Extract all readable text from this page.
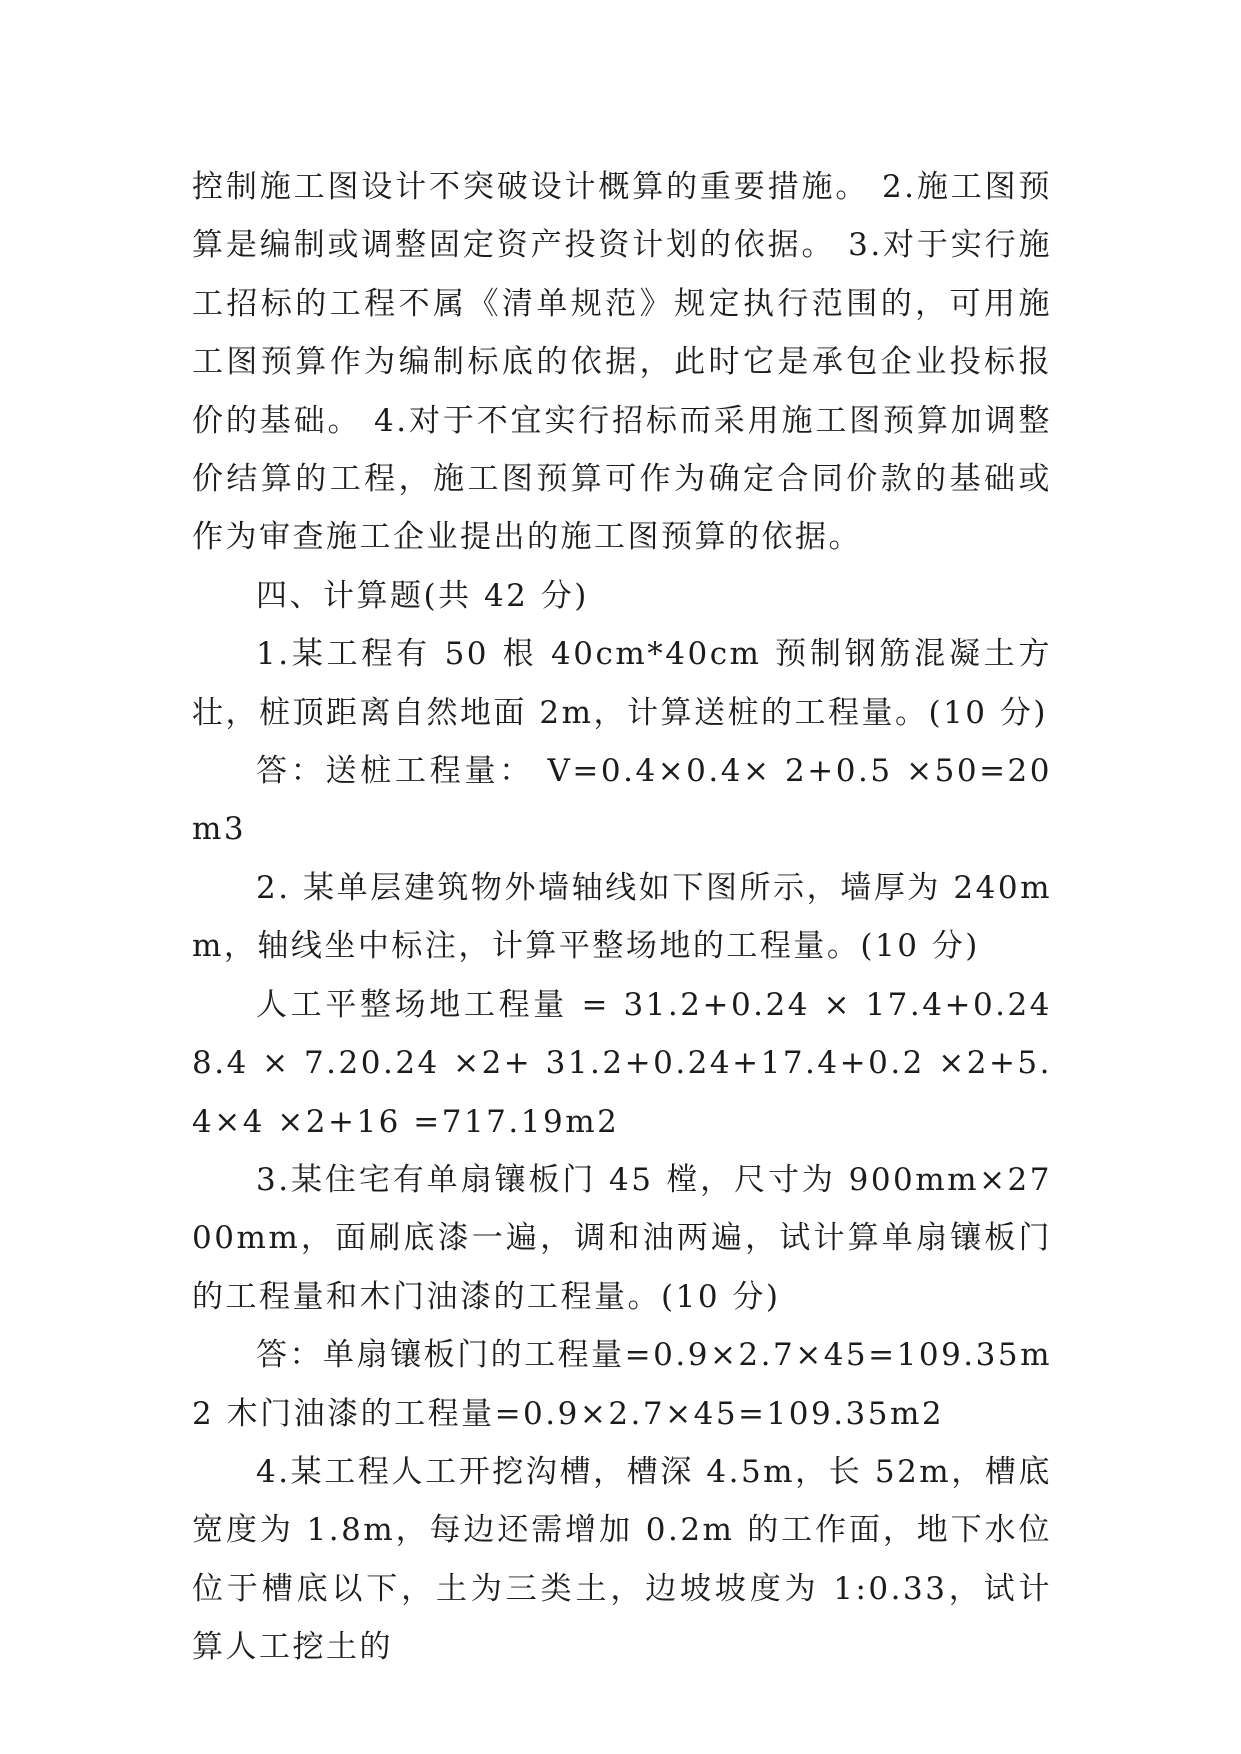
控制施工图设计不突破设计概算的重要措施。 2.施工图预算是编制或调整固定资产投资计划的依据。 3.对于实行施工招标的工程不属《清单规范》规定执行范围的，可用施工图预算作为编制标底的依据，此时它是承包企业投标报价的基础。 4.对于不宜实行招标而采用施工图预算加调整价结算的工程，施工图预算可作为确定合同价款的基础或作为审查施工企业提出的施工图预算的依据。

四、计算题(共 42 分)

1.某工程有 50 根 40cm*40cm 预制钢筋混凝土方壮，桩顶距离自然地面 2m，计算送桩的工程量。(10 分)

答：送桩工程量： V=0.4×0.4× 2+0.5 ×50=20m3

2. 某单层建筑物外墙轴线如下图所示，墙厚为 240mm，轴线坐中标注，计算平整场地的工程量。(10 分)

人工平整场地工程量 = 31.2+0.24 × 17.4+0.24 8.4 × 7.20.24 ×2+ 31.2+0.24+17.4+0.2 ×2+5.4×4 ×2+16 =717.19m2

3.某住宅有单扇镶板门 45 樘，尺寸为 900mm×2700mm，面刷底漆一遍，调和油两遍，试计算单扇镶板门的工程量和木门油漆的工程量。(10 分)

答：单扇镶板门的工程量=0.9×2.7×45=109.35m2 木门油漆的工程量=0.9×2.7×45=109.35m2

4.某工程人工开挖沟槽，槽深 4.5m，长 52m，槽底宽度为 1.8m，每边还需增加 0.2m 的工作面，地下水位位于槽底以下，土为三类土，边坡坡度为 1:0.33，试计算人工挖土的
